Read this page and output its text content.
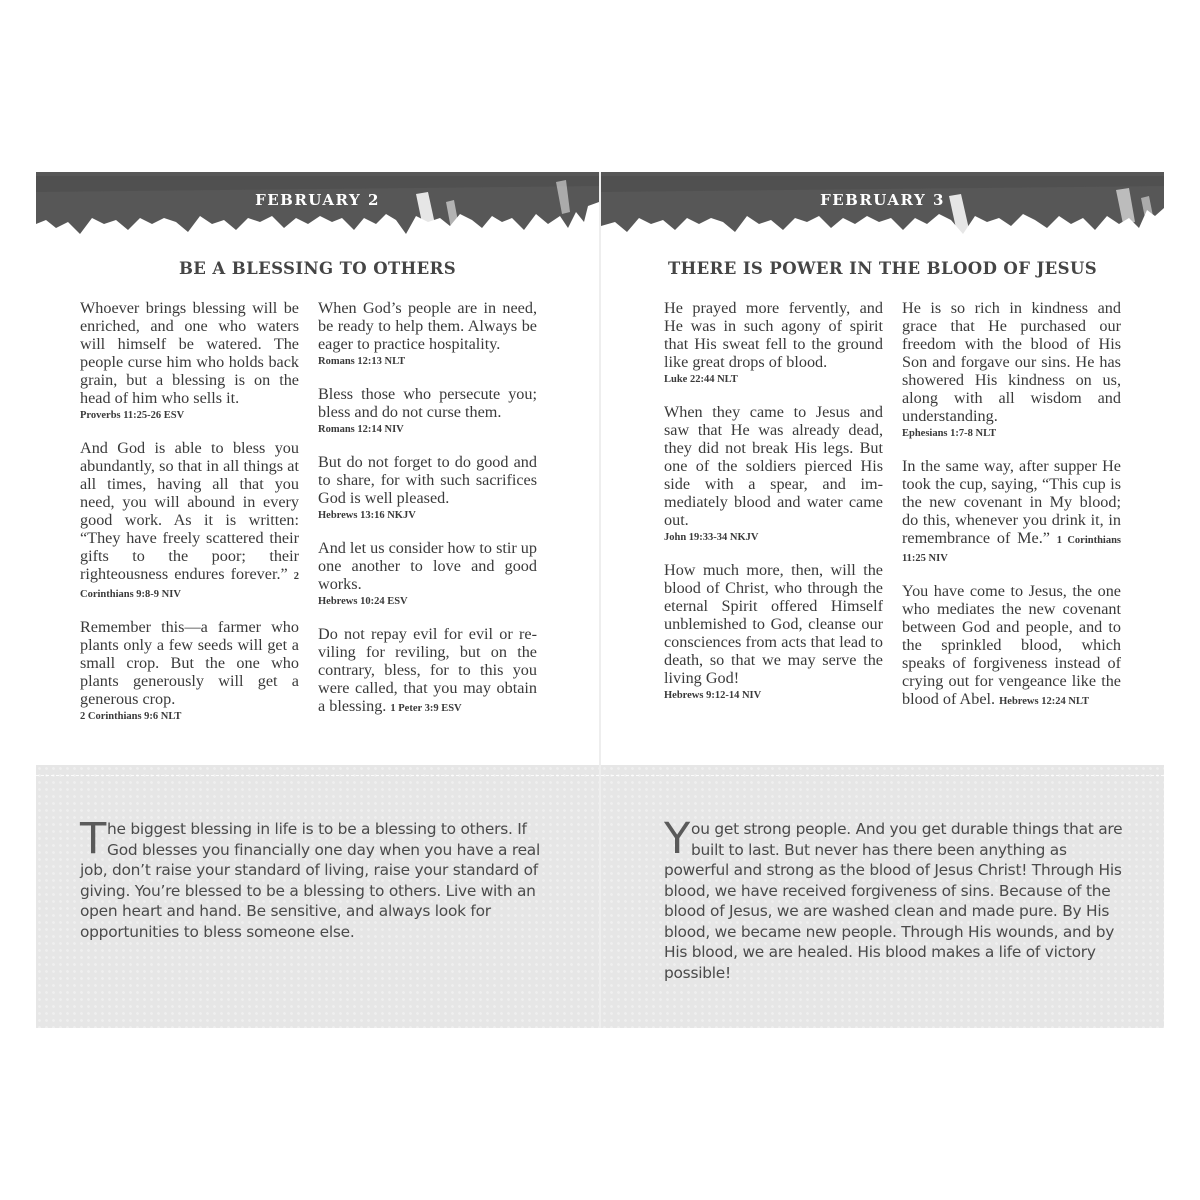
FEBRUARY 2
BE A BLESSING TO OTHERS
Whoever brings blessing will be enriched, and one who waters will himself be watered. The people curse him who holds back grain, but a blessing is on the head of him who sells it.
Proverbs 11:25-26 ESV
And God is able to bless you abundantly, so that in all things at all times, having all that you need, you will abound in every good work. As it is written: “They have freely scattered their gifts to the poor; their righteousness endures forever.” 2 Corinthians 9:8-9 NIV
Remember this—a farmer who plants only a few seeds will get a small crop. But the one who plants generously will get a generous crop.
2 Corinthians 9:6 NLT
When God’s people are in need, be ready to help them. Always be eager to practice hospitality.
Romans 12:13 NLT
Bless those who persecute you; bless and do not curse them.
Romans 12:14 NIV
But do not forget to do good and to share, for with such sacrifices God is well pleased.
Hebrews 13:16 NKJV
And let us consider how to stir up one another to love and good works.
Hebrews 10:24 ESV
Do not repay evil for evil or reviling for reviling, but on the contrary, bless, for to this you were called, that you may obtain a blessing. 1 Peter 3:9 ESV
The biggest blessing in life is to be a blessing to others. If God blesses you financially one day when you have a real job, don’t raise your standard of living, raise your standard of giving. You’re blessed to be a blessing to others. Live with an open heart and hand. Be sensitive, and always look for opportunities to bless someone else.
FEBRUARY 3
THERE IS POWER IN THE BLOOD OF JESUS
He prayed more fervently, and He was in such agony of spirit that His sweat fell to the ground like great drops of blood.
Luke 22:44 NLT
When they came to Jesus and saw that He was already dead, they did not break His legs. But one of the soldiers pierced His side with a spear, and immediately blood and water came out.
John 19:33-34 NKJV
How much more, then, will the blood of Christ, who through the eternal Spirit offered Himself unblemished to God, cleanse our consciences from acts that lead to death, so that we may serve the living God!
Hebrews 9:12-14 NIV
He is so rich in kindness and grace that He purchased our freedom with the blood of His Son and forgave our sins. He has showered His kindness on us, along with all wisdom and understanding.
Ephesians 1:7-8 NLT
In the same way, after supper He took the cup, saying, “This cup is the new covenant in My blood; do this, whenever you drink it, in remembrance of Me.” 1 Corinthians 11:25 NIV
You have come to Jesus, the one who mediates the new covenant between God and people, and to the sprinkled blood, which speaks of forgiveness instead of crying out for vengeance like the blood of Abel. Hebrews 12:24 NLT
You get strong people. And you get durable things that are built to last. But never has there been anything as powerful and strong as the blood of Jesus Christ! Through His blood, we have received forgiveness of sins. Because of the blood of Jesus, we are washed clean and made pure. By His blood, we became new people. Through His wounds, and by His blood, we are healed. His blood makes a life of victory possible!
